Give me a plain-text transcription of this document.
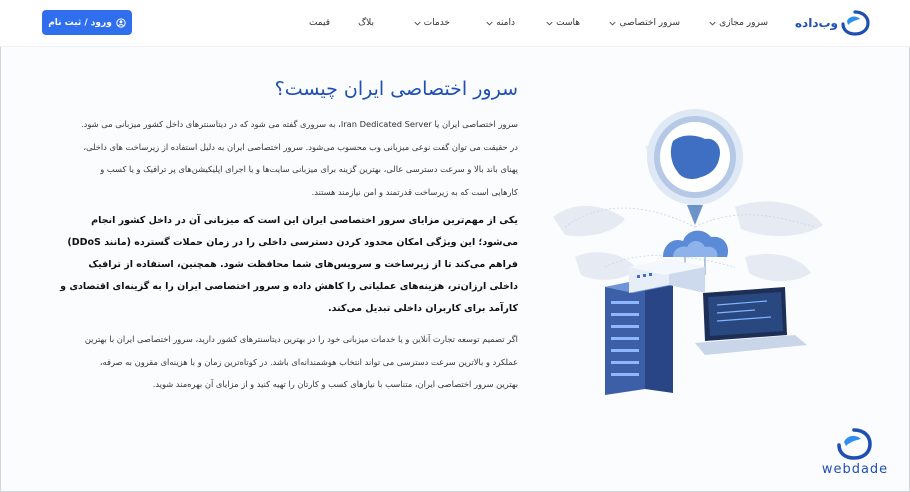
ورود / ثبت نام	سرور مجازی
سرور اختصاصی
هاست
دامنه
خدمات
بلاگ
قیمت	وب‌داده
سرور اختصاصی ایران چیست؟

سرور اختصاصی ایران یا Iran Dedicated Server، به سروری گفته می شود که در دیتاسنترهای داخل کشور میزبانی می شود. در حقیقت می توان گفت نوعی میزبانی وب محسوب می‌شود. سرور اختصاصی ایران به دلیل استفاده از زیرساخت های داخلی، پهنای باند بالا و سرعت دسترسی عالی، بهترین گزینه برای میزبانی سایت‌ها و یا اجرای اپلیکیشن‌های پر ترافیک و یا کسب و کارهایی است که به زیرساخت قدرتمند و امن نیازمند هستند.

یکی از مهم‌ترین مزایای سرور اختصاصی ایران این است که میزبانی آن در داخل کشور انجام می‌شود؛ این ویژگی امکان محدود کردن دسترسی داخلی را در زمان حملات گسترده (مانند DDoS) فراهم می‌کند تا از زیرساخت و سرویس‌های شما محافظت شود. همچنین، استفاده از ترافیک داخلی ارزان‌تر، هزینه‌های عملیاتی را کاهش داده و سرور اختصاصی ایران را به گزینه‌ای اقتصادی و کارآمد برای کاربران داخلی تبدیل می‌کند.

اگر تصمیم توسعه تجارت آنلاین و یا خدمات میزبانی خود را در بهترین دیتاسنترهای کشور دارید، سرور اختصاصی ایران با بهترین عملکرد و بالاترین سرعت دسترسی می تواند انتخاب هوشمندانه‌ای باشد. در کوتاه‌ترین زمان و با هزینه‌ای مقرون به صرفه، بهترین سرور اختصاصی ایران، متناسب با نیازهای کسب و کارتان را تهیه کنید و از مزایای آن بهره‌مند شوید.

webdade
